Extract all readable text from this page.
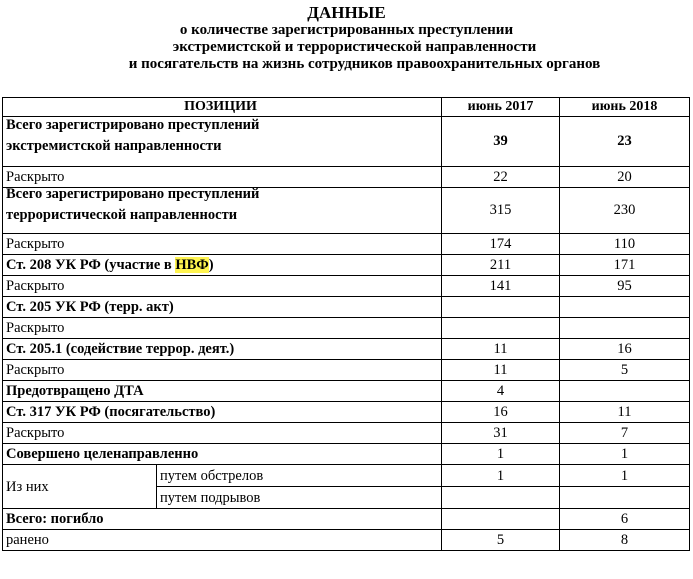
ДАННЫЕ
о количестве зарегистрированных преступлении
экстремистской и террористической направленности
и посягательств на жизнь сотрудников правоохранительных органов
ПОЗИЦИИ		июнь 2017	июнь 2018

Всего зарегистрировано преступлений
экстремистской направленности		39	23
Раскрыто		22	20

Всего зарегистрировано преступлений
террористической направленности		315	230
Раскрыто		174	110
Ст. 208 УК РФ (участие в НВФ)		211	171
Раскрыто		141	95
Ст. 205 УК РФ (терр. акт)			
Раскрыто			
Ст. 205.1 (содействие террор. деят.)		11	16
Раскрыто		11	5
Предотвращено ДТА		4	
Ст. 317 УК РФ (посягательство)		16	11
Раскрыто		31	7
Совершено целенаправленно		1	1
Из них	путем обстрелов	1	1
	путем подрывов		
Всего: погибло			6
ранено		5	8
